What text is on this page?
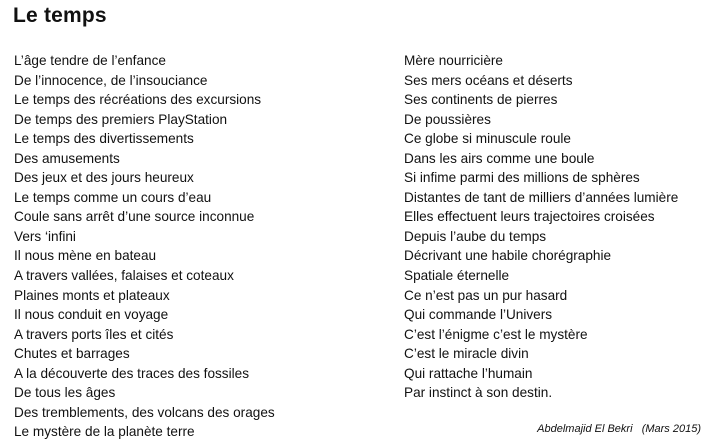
Le temps
L’âge tendre de l’enfance
De l’innocence, de l’insouciance
Le temps des récréations des excursions
De temps des premiers PlayStation
Le temps des divertissements
Des amusements
Des jeux et des jours heureux
Le temps comme un cours d’eau
Coule sans arrêt d’une source inconnue
Vers ‘infini
Il nous mène en bateau
A travers vallées, falaises et coteaux
Plaines monts et plateaux
Il nous conduit en voyage
A travers ports îles et cités
Chutes et barrages
A la découverte des traces des fossiles
De tous les âges
Des tremblements, des volcans des orages
Le mystère de la planète terre
Mère nourricière
Ses mers océans et déserts
Ses continents de pierres
De poussières
Ce globe si minuscule roule
Dans les airs comme une boule
Si infime parmi des millions de sphères
Distantes de tant de milliers d’années lumière
Elles effectuent leurs trajectoires croisées
Depuis l’aube du temps
Décrivant une habile chorégraphie
Spatiale éternelle
Ce n’est pas un pur hasard
Qui commande l’Univers
C’est l’énigme c’est le mystère
C’est le miracle divin
Qui rattache l’humain
Par instinct à son destin.
Abdelmajid El Bekri   (Mars 2015)
